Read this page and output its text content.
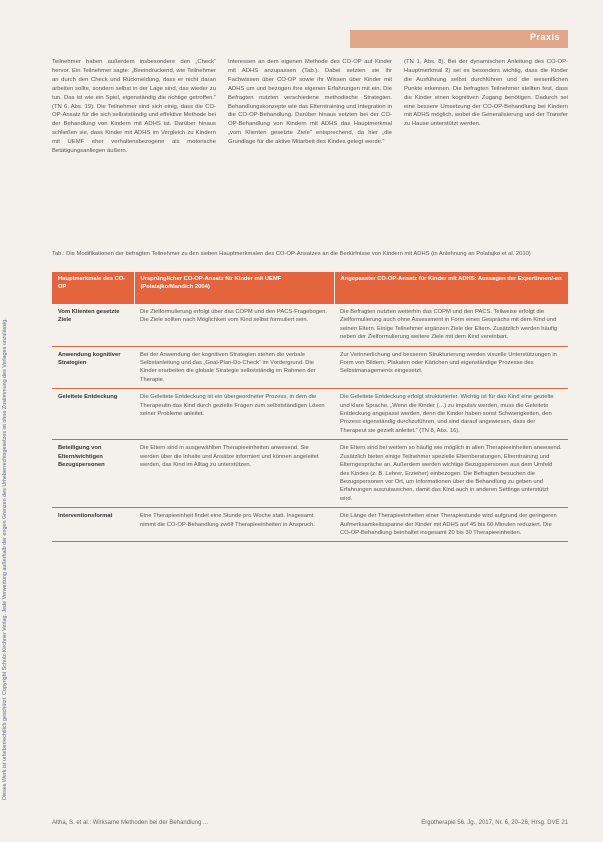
Praxis
Dieses Werk ist urheberrechtlich geschützt. Copyright Schulz-Kirchner Verlag. Jede Verwertung außerhalb der engen Grenzen des Urheberrechtsgesetzes ist ohne Zustimmung des Verlages unzulässig.
Teilnehmer haben außerdem insbesondere den „Check“ hervor. Ein Teilnehmer sagte: „Beeindruckend, wie Teilnehmer an durch den Check und Rückmeldung, dass er nicht daran arbeiten sollte, sondern selbst in der Lage sind, das wieder zu tun. Das ist wie ein Spiel, eigenständig die richtige getroffen.“ (TN 6, Abs. 19). Die Teilnehmer sind sich einig, dass die CO-OP-Ansatz für die sich selbstständig und effektive Methode bei der Behandlung von Kindern mit ADHS ist. Darüber hinaus schließen sie, dass Kinder mit ADHS im Vergleich zu Kindern mit UEMF eher verhaltensbezogene als motorische Betätigungsanliegen äußern.
Interessen an dem eigenen Methode des CO-OP auf Kinder mit ADHS anzupassen (Tab.). Dabei setzten sie ihr Fachwissen über CO-OP sowie ihr Wissen über Kinder mit ADHS um und bezogen ihre eigenen Erfahrungen mit ein. Die Befragten nutzten verschiedene methodische Strategien. Behandlungskonzepte wie das Elterntraining und Integration in die CO-OP-Behandlung. Darüber hinaus setzten bei der CO-OP-Behandlung von Kindern mit ADHS das Hauptmerkmal „vom Klienten gesetzte Ziele“ entsprechend, da hier „die Grundlage für die aktive Mitarbeit des Kindes gelegt werde.“
(TN 1, Abs. 8). Bei der dynamischen Anleitung des CO-OP-Hauptmerkmal 2) sei es besonders wichtig, dass die Kinder die Ausführung selbst durchführen und die wesentlichen Punkte erkennen. Die befragten Teilnehmer stellten fest, dass die Kinder einen kognitiven Zugang benötigen. Dadurch sei eine bessere Umsetzung der CO-OP-Behandlung bei Kindern mit ADHS möglich, wobei die Generalisierung und der Transfer zu Hause unterstützt werden.
Tab.: Die Modifikationen der befragten Teilnehmer zu den sieben Hauptmerkmalen des CO-OP-Ansatzes an die Bedürfnisse von Kindern mit ADHS (in Anlehnung an Polatajko et al. 2010)
Hauptmerkmale des CO-OP	Ursprünglicher CO-OP-Ansatz für Kinder mit UEMF (Polatajko/Mandich 2004)	Angepasster CO-OP-Ansatz für Kinder mit ADHS: Aussagen der Expertinnen/-en
Vom Klienten gesetzte Ziele	Die Zielformulierung erfolgt über das COPM und den PACS-Fragebogen. Die Ziele sollten nach Möglichkeit vom Kind selbst formuliert sein.	Die Befragten nutzten weiterhin das COPM und den PACS. Teilweise erfolgt die Zielformulierung auch ohne Assessment in Form eines Gesprächs mit dem Kind und seinen Eltern. Einige Teilnehmer ergänzen Ziele der Eltern. Zusätzlich werden häufig neben der Zielformulierung weitere Ziele mit dem Kind vereinbart.
Anwendung kognitiver Strategien	Bei der Anwendung der kognitiven Strategien stehen die verbale Selbstanleitung und das „Goal-Plan-Do-Check“ im Vordergrund. Die Kinder erarbeiten die globale Strategie selbstständig im Rahmen der Therapie.	Zur Verinnerlichung und besseren Strukturierung werden visuelle Unterstützungen in Form von Bildern, Plakaten oder Kärtchen und eigenständige Prozesse des Selbstmanagements eingesetzt.
Geleitete Entdeckung	Die Geleitete Entdeckung ist ein übergeordneter Prozess, in dem die Therapeutin das Kind durch gezielte Fragen zum selbstständigen Lösen seiner Probleme anleitet.	Die Geleitete Entdeckung erfolgt strukturierter. Wichtig ist für das Kind eine gezielte und klare Sprache. „Wenn die Kinder (…) zu impulsiv werden, muss die Geleitete Entdeckung angepasst werden, denn die Kinder haben sonst Schwierigkeiten, den Prozess eigenständig durchzuführen, und sind darauf angewiesen, dass der Therapeut sie gezielt anleitet.“ (TN 8, Abs. 16).
Beteiligung von Eltern/wichtigen Bezugspersonen	Die Eltern sind in ausgewählten Therapieeinheiten anwesend. Sie werden über die Inhalte und Ansätze informiert und können angeleitet werden, das Kind im Alltag zu unterstützen.	Die Eltern sind bei weitem so häufig wie möglich in allen Therapieeinheiten anwesend. Zusätzlich bieten einige Teilnehmer spezielle Elternberatungen, Elterntraining und Elterngespräche an. Außerdem werden wichtige Bezugspersonen aus dem Umfeld des Kindes (z. B. Lehrer, Erzieher) einbezogen. Die Befragten besuchen die Bezugspersonen vor Ort, um Informationen über die Behandlung zu geben und Erfahrungen auszutauschen, damit das Kind auch in anderen Settings unterstützt wird.
Interventionsformat	Eine Therapieeinheit findet eine Stunde pro Woche statt. Insgesamt nimmt die CO-OP-Behandlung zwölf Therapieeinheiten in Anspruch.	Die Länge der Therapieeinheiten einer Therapiestunde wird aufgrund der geringeren Aufmerksamkeitsspanne der Kinder mit ADHS auf 45 bis 60 Minuten reduziert. Die CO-OP-Behandlung beinhaltet insgesamt 20 bis 30 Therapieeinheiten.
Altha, S. et al.: Wirksame Methoden bei der Behandlung ...	Ergotherapie 56. Jg., 2017, Nr. 6, 20–26, Hrsg. DVE 21
